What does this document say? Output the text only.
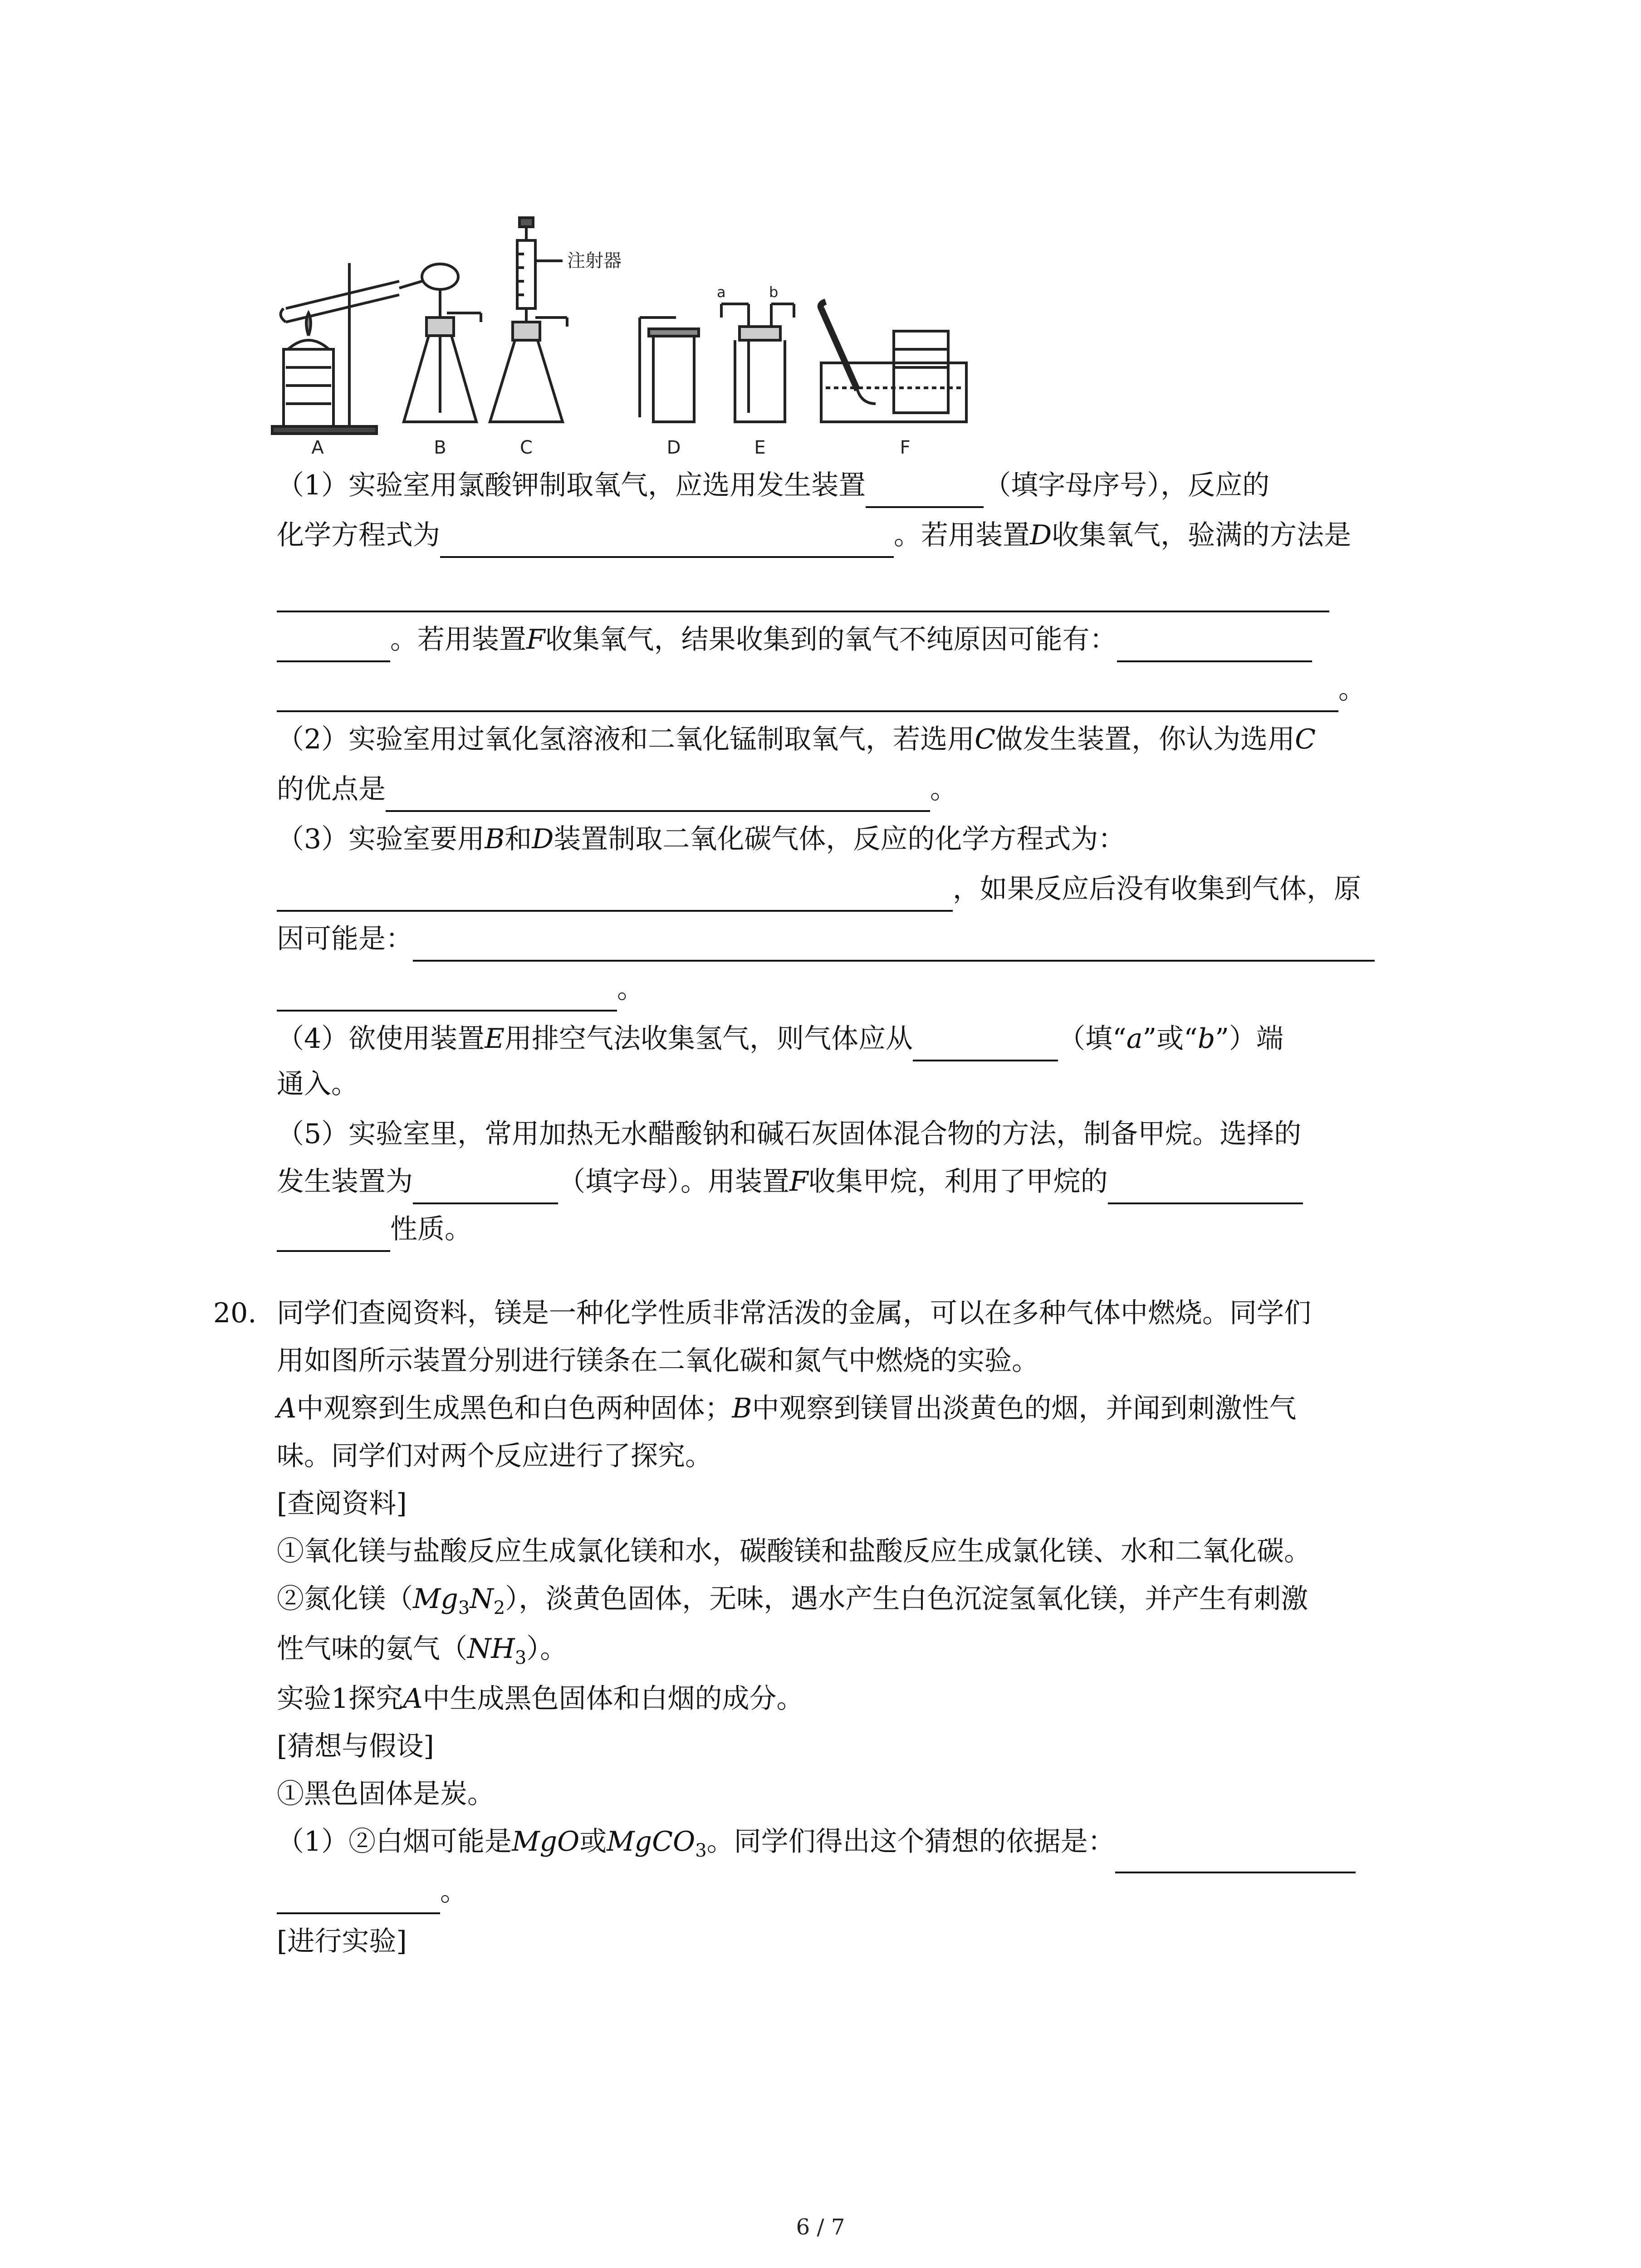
A	B	C	D	E	F
注射器
a	b
（1）实验室用氯酸钾制取氧气，应选用发生装置	（填字母序号），反应的
化学方程式为	。若用装置D收集氧气，验满的方法是
。若用装置F收集氧气，结果收集到的氧气不纯原因可能有：
。
（2）实验室用过氧化氢溶液和二氧化锰制取氧气，若选用C做发生装置，你认为选用C
的优点是	。
（3）实验室要用B和D装置制取二氧化碳气体，反应的化学方程式为：
，如果反应后没有收集到气体，原
因可能是：
。
（4）欲使用装置E用排空气法收集氢气，则气体应从	（填“a”或“b”）端
通入。
（5）实验室里，常用加热无水醋酸钠和碱石灰固体混合物的方法，制备甲烷。选择的
发生装置为	（填字母）。用装置F收集甲烷，利用了甲烷的
性质。
20. 同学们查阅资料，镁是一种化学性质非常活泼的金属，可以在多种气体中燃烧。同学们
用如图所示装置分别进行镁条在二氧化碳和氮气中燃烧的实验。
A中观察到生成黑色和白色两种固体；B中观察到镁冒出淡黄色的烟，并闻到刺激性气
味。同学们对两个反应进行了探究。
[查阅资料]
①氧化镁与盐酸反应生成氯化镁和水，碳酸镁和盐酸反应生成氯化镁、水和二氧化碳。
②氮化镁$(Mg_3N_2)$，淡黄色固体，无味，遇水产生白色沉淀氢氧化镁，并产生有刺激
性气味的氨气$(NH_3)$。
实验1探究A中生成黑色固体和白烟的成分。
[猜想与假设]
①黑色固体是炭。
（1）②白烟可能是MgO或MgCO$_3$。同学们得出这个猜想的依据是：
。
[进行实验]
6 / 7
